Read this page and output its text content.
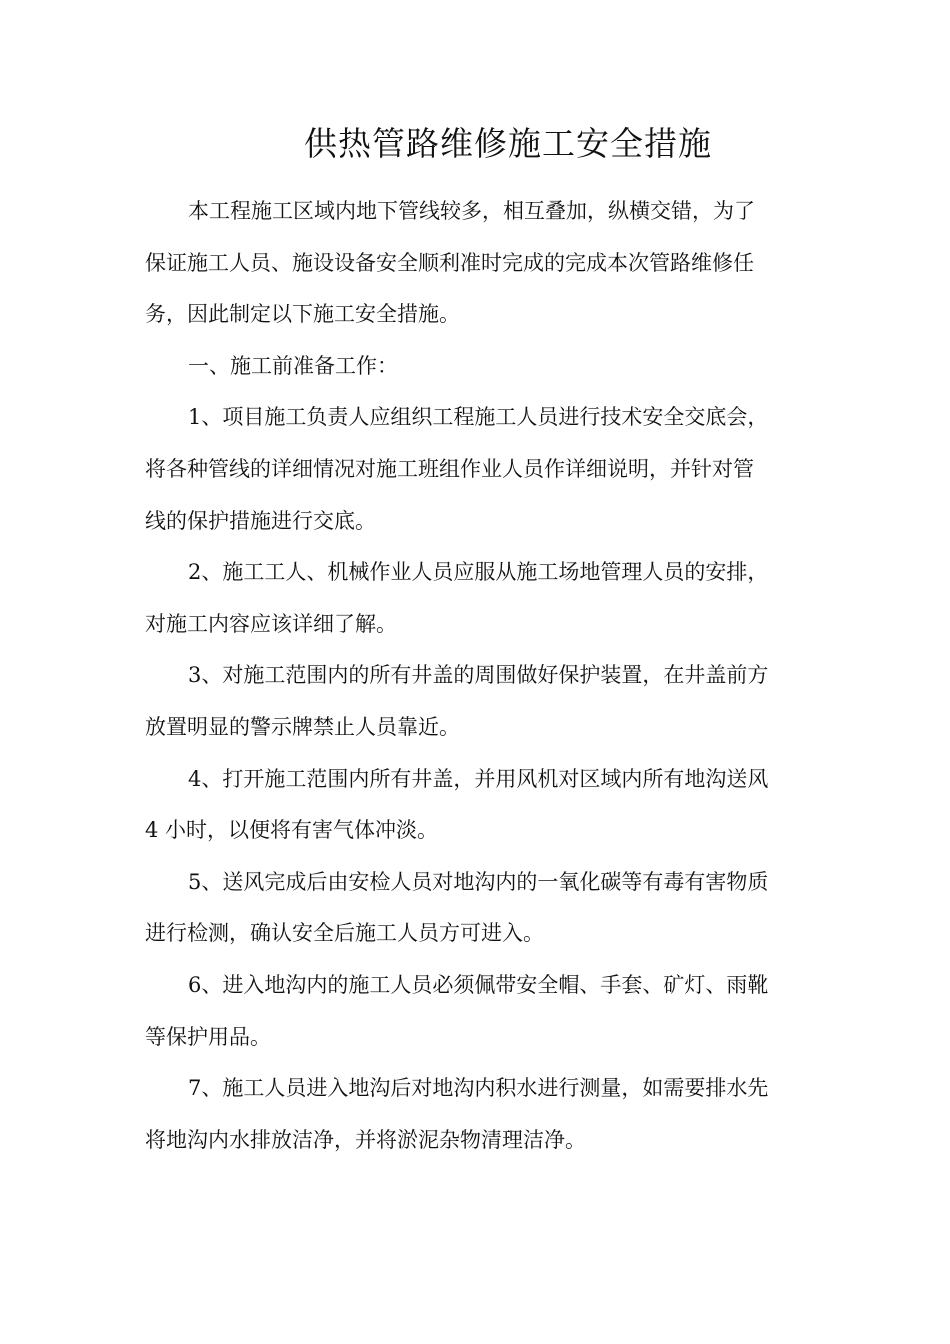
供热管路维修施工安全措施
本工程施工区域内地下管线较多，相互叠加，纵横交错，为了
保证施工人员、施设设备安全顺利准时完成的完成本次管路维修任
务，因此制定以下施工安全措施。
一、施工前准备工作：
1、项目施工负责人应组织工程施工人员进行技术安全交底会，
将各种管线的详细情况对施工班组作业人员作详细说明，并针对管
线的保护措施进行交底。
2、施工工人、机械作业人员应服从施工场地管理人员的安排，
对施工内容应该详细了解。
3、对施工范围内的所有井盖的周围做好保护装置，在井盖前方
放置明显的警示牌禁止人员靠近。
4、打开施工范围内所有井盖，并用风机对区域内所有地沟送风
4 小时，以便将有害气体冲淡。
5、送风完成后由安检人员对地沟内的一氧化碳等有毒有害物质
进行检测，确认安全后施工人员方可进入。
6、进入地沟内的施工人员必须佩带安全帽、手套、矿灯、雨靴
等保护用品。
7、施工人员进入地沟后对地沟内积水进行测量，如需要排水先
将地沟内水排放洁净，并将淤泥杂物清理洁净。
